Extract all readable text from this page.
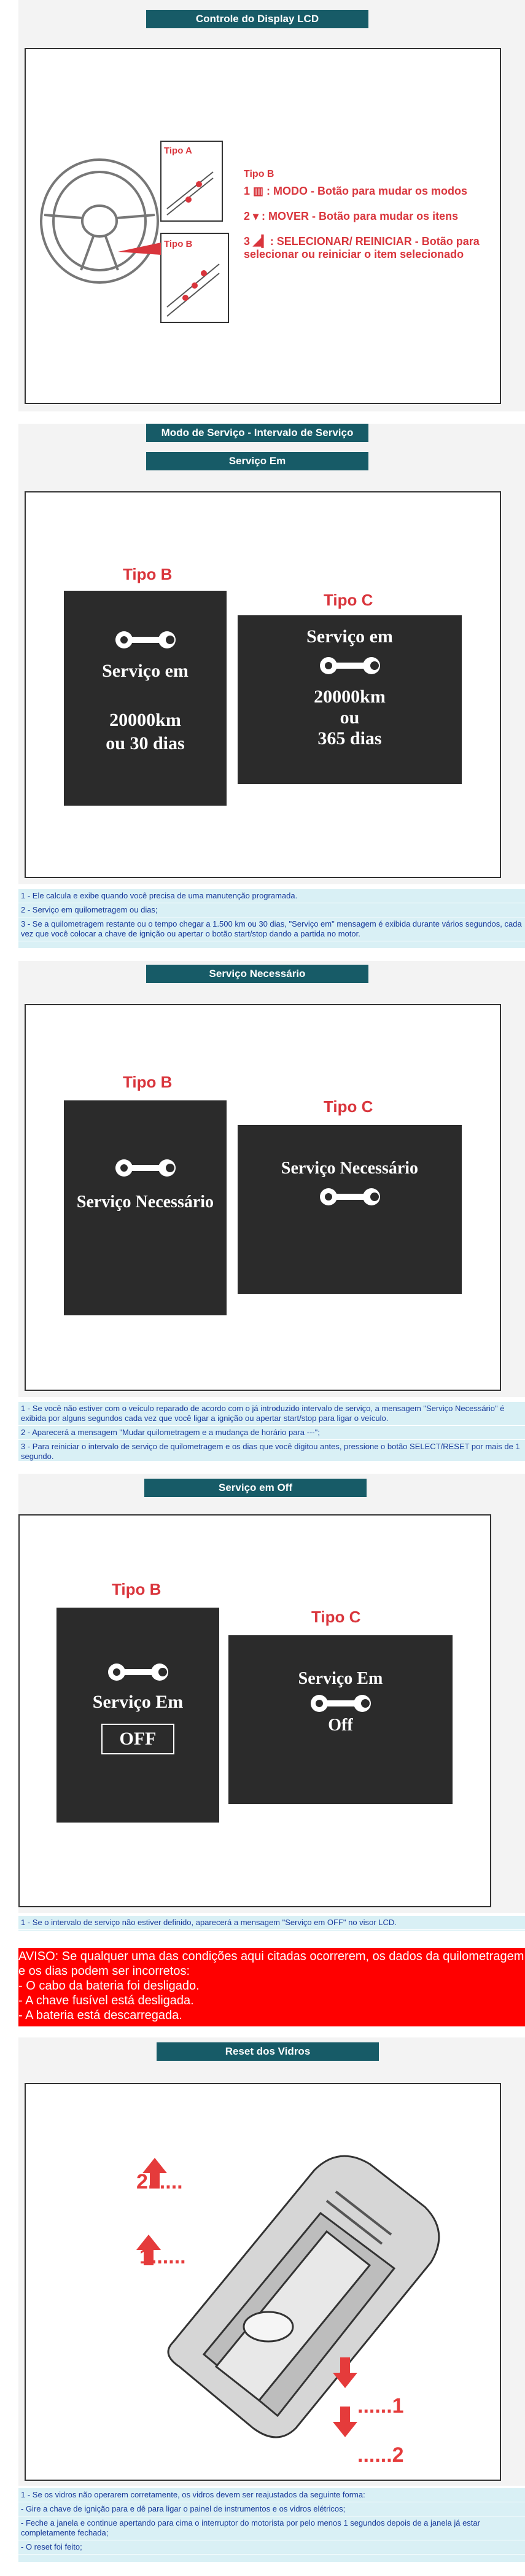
Controle do Display LCD
Tipo A
Tipo B
Tipo B
1 ▥ : MODO - Botão para mudar os modos
2 ▾ : MOVER - Botão para mudar os itens
3 ◢▎: SELECIONAR/ REINICIAR - Botão para selecionar ou reiniciar o item selecionado
Modo de Serviço - Intervalo de Serviço
Serviço Em
Tipo B
Tipo C
Serviço em
20000km
ou 30 dias
Serviço em
20000km
ou
365 dias

1 - Ele calcula e exibe quando você precisa de uma manutenção programada.

2 - Serviço em quilometragem ou dias;

3 - Se a quilometragem restante ou o tempo chegar a 1.500 km ou 30 dias, "Serviço em" mensagem é exibida durante vários segundos, cada vez que você colocar a chave de ignição ou apertar o botão start/stop dando a partida no motor.

Serviço Necessário
Tipo B
Tipo C
Serviço Necessário
Serviço Necessário

1 - Se você não estiver com o veículo reparado de acordo com o já introduzido intervalo de serviço, a mensagem "Serviço Necessário" é exibida por alguns segundos cada vez que você ligar a ignição ou apertar start/stop para ligar o veículo.

2 - Aparecerá a mensagem "Mudar quilometragem e a mudança de horário para ---";

3 - Para reiniciar o intervalo de serviço de quilometragem e os dias que você digitou antes, pressione o botão SELECT/RESET por mais de 1 segundo.

Serviço em Off
Tipo B
Tipo C
Serviço Em
OFF
Serviço Em
Off

1 - Se o intervalo de serviço não estiver definido, aparecerá a mensagem "Serviço em OFF" no visor LCD.

AVISO: Se qualquer uma das condições aqui citadas ocorrerem, os dados da quilometragem e os dias podem ser incorretos:
- O cabo da bateria foi desligado.
- A chave fusível está desligada.
- A bateria está descarregada.
Reset dos Vidros
1......
2......
......1
......2

1 - Se os vidros não operarem corretamente, os vidros devem ser reajustados da seguinte forma:

- Gire a chave de ignição para e dê para ligar o painel de instrumentos e os vidros elétricos;

- Feche a janela e continue apertando para cima o interruptor do motorista por pelo menos 1 segundos depois de a janela já estar completamente fechada;

- O reset foi feito;
